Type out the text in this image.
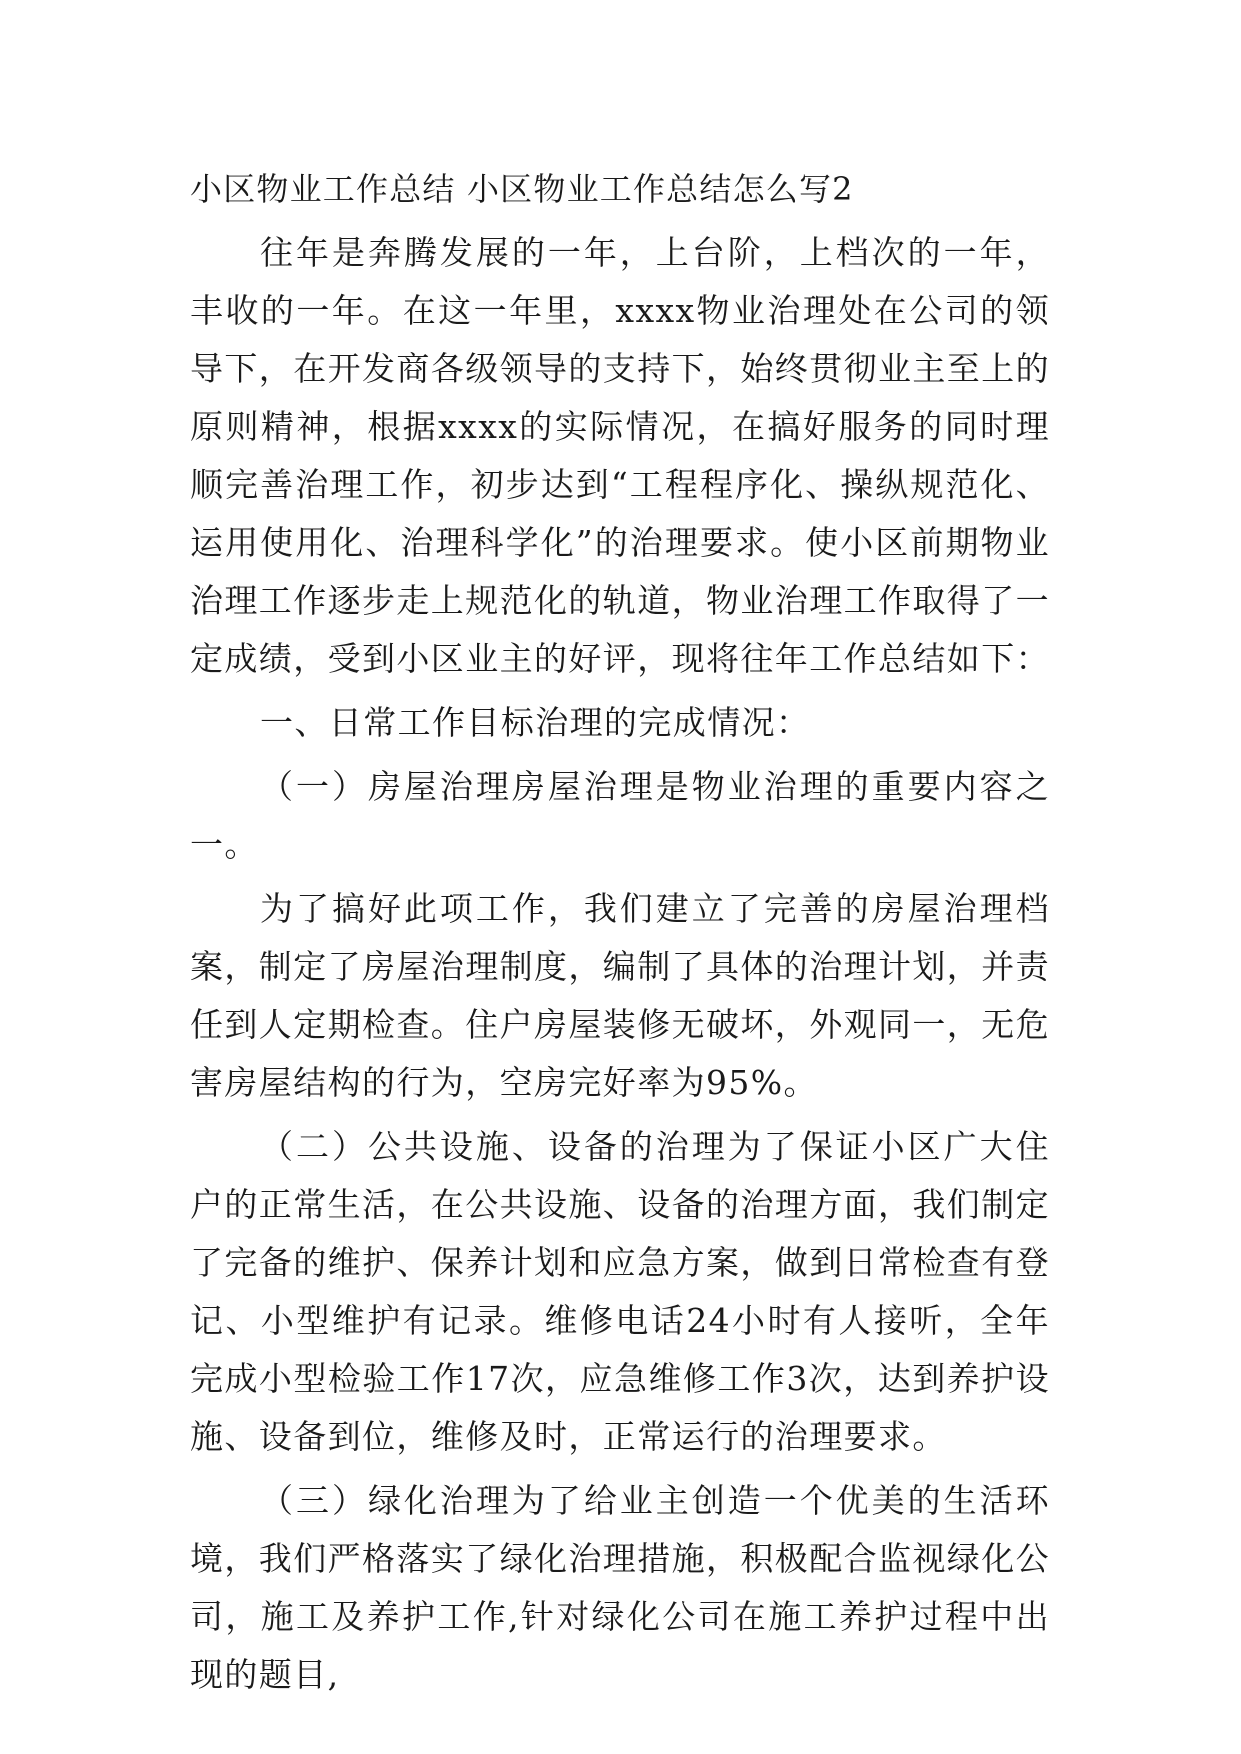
小区物业工作总结 小区物业工作总结怎么写2

往年是奔腾发展的一年，上台阶，上档次的一年，丰收的一年。在这一年里，xxxx物业治理处在公司的领导下，在开发商各级领导的支持下，始终贯彻业主至上的原则精神，根据xxxx的实际情况，在搞好服务的同时理顺完善治理工作，初步达到“工程程序化、操纵规范化、运用使用化、治理科学化”的治理要求。使小区前期物业治理工作逐步走上规范化的轨道，物业治理工作取得了一定成绩，受到小区业主的好评，现将往年工作总结如下：

一、日常工作目标治理的完成情况：

（一）房屋治理房屋治理是物业治理的重要内容之一。

为了搞好此项工作，我们建立了完善的房屋治理档案，制定了房屋治理制度，编制了具体的治理计划，并责任到人定期检查。住户房屋装修无破坏，外观同一，无危害房屋结构的行为，空房完好率为95%。

（二）公共设施、设备的治理为了保证小区广大住户的正常生活，在公共设施、设备的治理方面，我们制定了完备的维护、保养计划和应急方案，做到日常检查有登记、小型维护有记录。维修电话24小时有人接听，全年完成小型检验工作17次，应急维修工作3次，达到养护设施、设备到位，维修及时，正常运行的治理要求。

（三）绿化治理为了给业主创造一个优美的生活环境，我们严格落实了绿化治理措施，积极配合监视绿化公司，施工及养护工作,针对绿化公司在施工养护过程中出现的题目,
